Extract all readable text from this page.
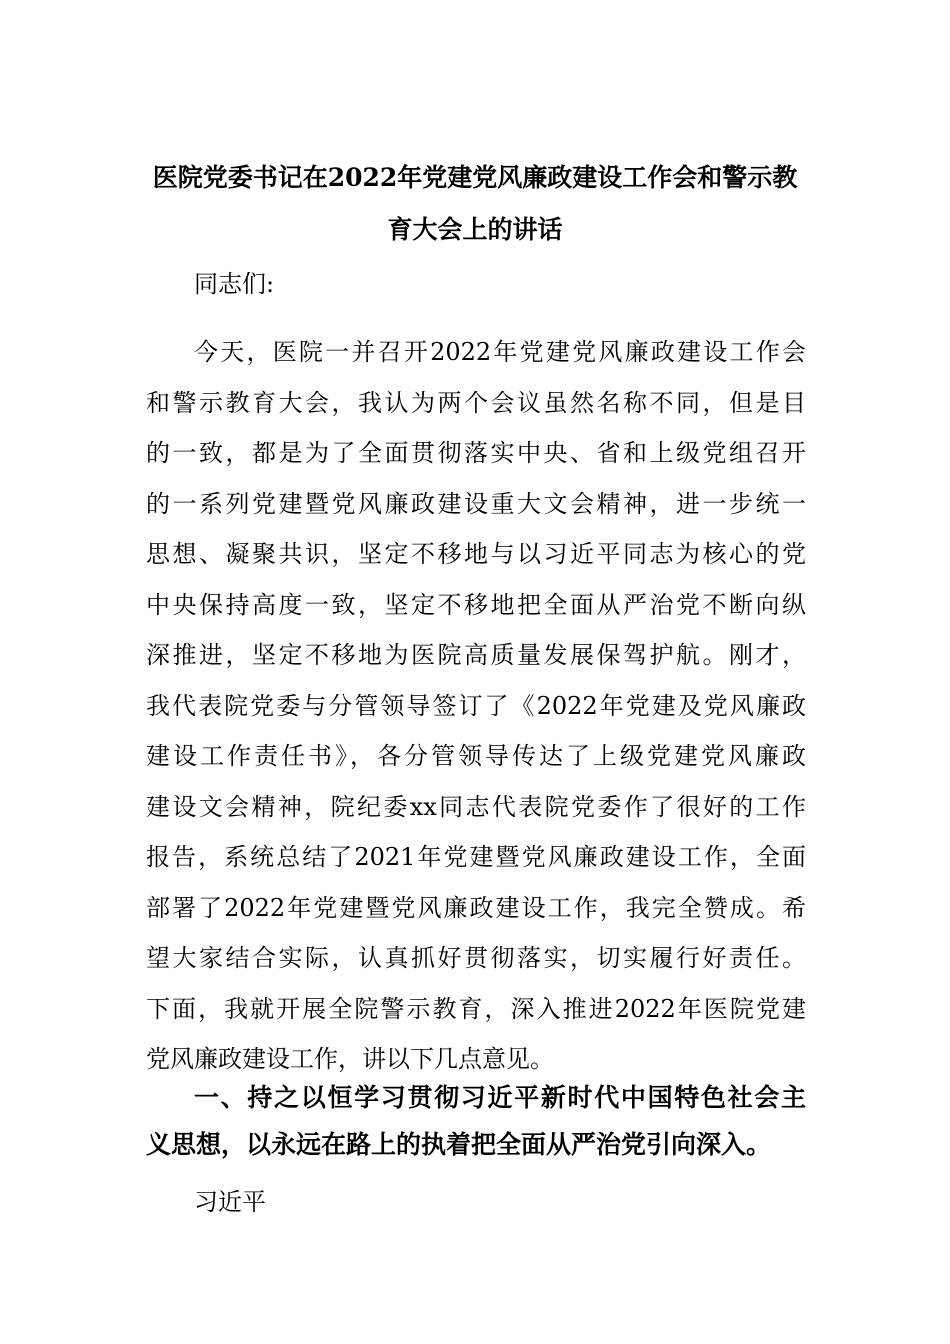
医院党委书记在2022年党建党风廉政建设工作会和警示教
育大会上的讲话

同志们:

今天，医院一并召开2022年党建党风廉政建设工作会
和警示教育大会，我认为两个会议虽然名称不同，但是目
的一致，都是为了全面贯彻落实中央、省和上级党组召开
的一系列党建暨党风廉政建设重大文会精神，进一步统一
思想、凝聚共识，坚定不移地与以习近平同志为核心的党
中央保持高度一致，坚定不移地把全面从严治党不断向纵
深推进，坚定不移地为医院高质量发展保驾护航。刚才，
我代表院党委与分管领导签订了《2022年党建及党风廉政
建设工作责任书》，各分管领导传达了上级党建党风廉政
建设文会精神，院纪委xx同志代表院党委作了很好的工作
报告，系统总结了2021年党建暨党风廉政建设工作，全面
部署了2022年党建暨党风廉政建设工作，我完全赞成。希
望大家结合实际，认真抓好贯彻落实，切实履行好责任。
下面，我就开展全院警示教育，深入推进2022年医院党建
党风廉政建设工作，讲以下几点意见。

一、持之以恒学习贯彻习近平新时代中国特色社会主
义思想，以永远在路上的执着把全面从严治党引向深入。

习近平
